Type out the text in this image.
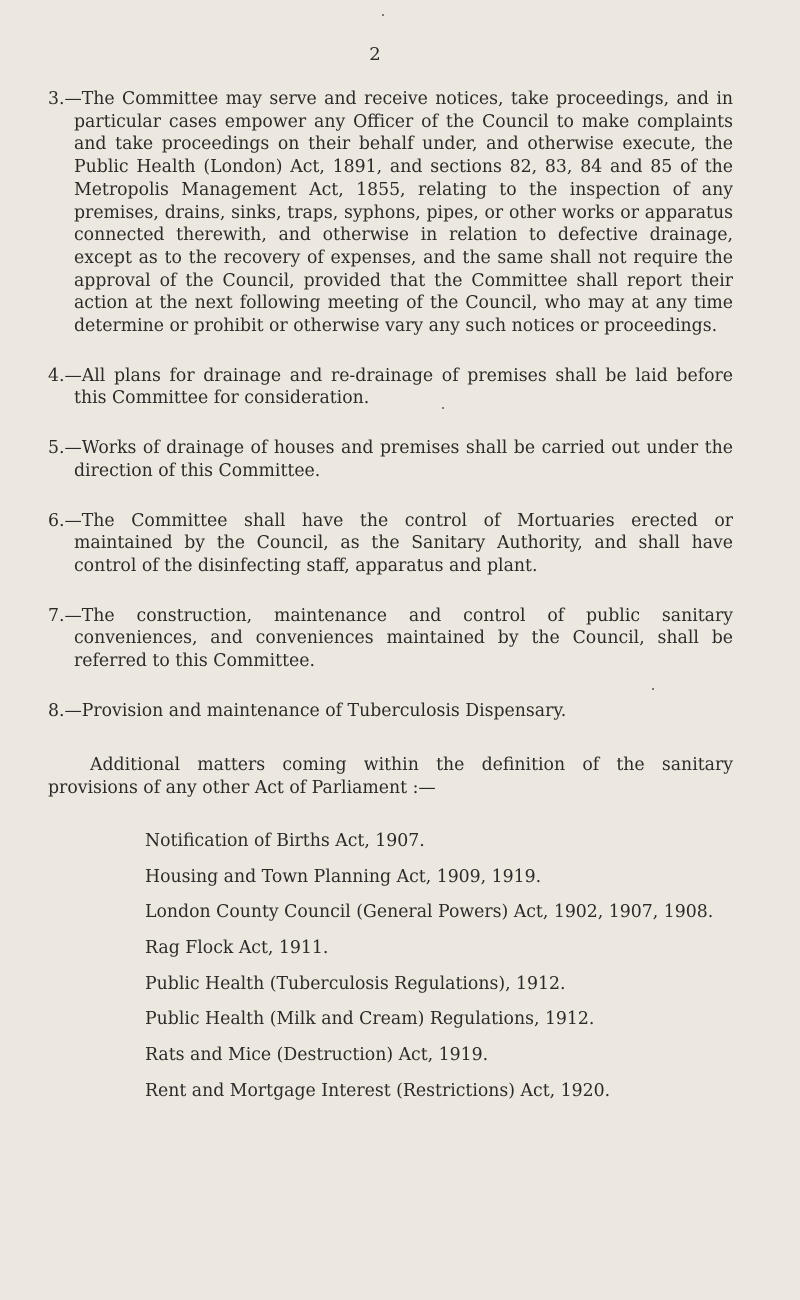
2

3.—The Committee may serve and receive notices, take proceedings, and in particular cases empower any Officer of the Council to make complaints and take proceedings on their behalf under, and otherwise execute, the Public Health (London) Act, 1891, and sections 82, 83, 84 and 85 of the Metropolis Management Act, 1855, relating to the inspection of any premises, drains, sinks, traps, syphons, pipes, or other works or apparatus connected therewith, and otherwise in relation to defective drainage, except as to the recovery of expenses, and the same shall not require the approval of the Council, provided that the Committee shall report their action at the next following meeting of the Council, who may at any time determine or prohibit or otherwise vary any such notices or proceedings.

4.—All plans for drainage and re-drainage of premises shall be laid before this Committee for consideration.

5.—Works of drainage of houses and premises shall be carried out under the direction of this Committee.

6.—The Committee shall have the control of Mortuaries erected or maintained by the Council, as the Sanitary Authority, and shall have control of the disinfecting staff, apparatus and plant.

7.—The construction, maintenance and control of public sanitary conveniences, and conveniences maintained by the Council, shall be referred to this Committee.

8.—Provision and maintenance of Tuberculosis Dispensary.

Additional matters coming within the definition of the sanitary provisions of any other Act of Parliament :—

Notification of Births Act, 1907.
Housing and Town Planning Act, 1909, 1919.
London County Council (General Powers) Act, 1902, 1907, 1908.
Rag Flock Act, 1911.
Public Health (Tuberculosis Regulations), 1912.
Public Health (Milk and Cream) Regulations, 1912.
Rats and Mice (Destruction) Act, 1919.
Rent and Mortgage Interest (Restrictions) Act, 1920.
